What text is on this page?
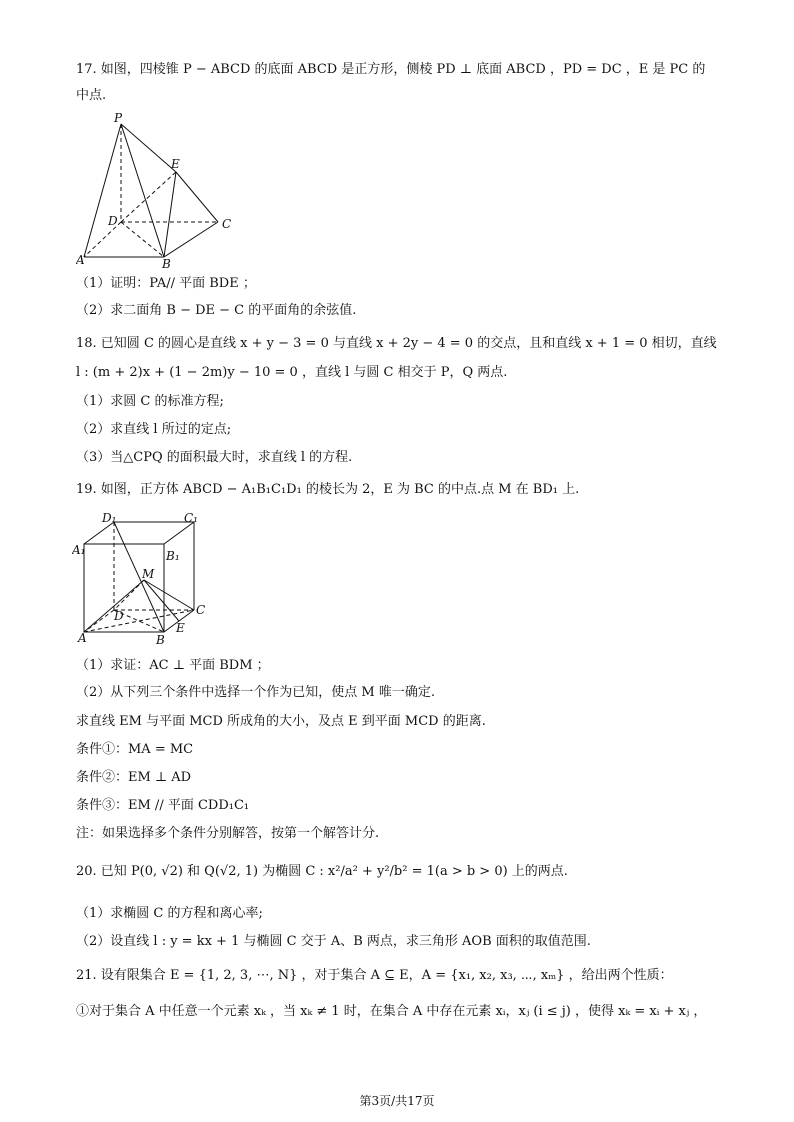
17. 如图，四棱锥 P − ABCD 的底面 ABCD 是正方形，侧棱 PD ⊥ 底面 ABCD ，PD = DC ，E 是 PC 的
中点.
P
E
D	C
A	B
（1）证明：PA// 平面 BDE ；
（2）求二面角 B − DE − C 的平面角的余弦值.
18. 已知圆 C 的圆心是直线 x + y − 3 = 0 与直线 x + 2y − 4 = 0 的交点，且和直线 x + 1 = 0 相切，直线
l : (m + 2)x + (1 − 2m)y − 10 = 0 ，直线 l 与圆 C 相交于 P，Q 两点.
（1）求圆 C 的标准方程;
（2）求直线 l 所过的定点;
（3）当△CPQ 的面积最大时，求直线 l 的方程.
19. 如图，正方体 ABCD − A₁B₁C₁D₁ 的棱长为 2，E 为 BC 的中点.点 M 在 BD₁ 上.
D₁	C₁
A₁	B₁
M
D	C
E
A	B
（1）求证：AC ⊥ 平面 BDM ；
（2）从下列三个条件中选择一个作为已知，使点 M 唯一确定.
求直线 EM 与平面 MCD 所成角的大小，及点 E 到平面 MCD 的距离.
条件①：MA = MC
条件②：EM ⊥ AD
条件③：EM // 平面 CDD₁C₁
注：如果选择多个条件分别解答，按第一个解答计分.
20. 已知 P(0, √2) 和 Q(√2, 1) 为椭圆 C : x²/a² + y²/b² = 1(a > b > 0) 上的两点.
（1）求椭圆 C 的方程和离心率;
（2）设直线 l : y = kx + 1 与椭圆 C 交于 A、B 两点，求三角形 AOB 面积的取值范围.
21. 设有限集合 E = {1, 2, 3, ⋯, N} ，对于集合 A ⊆ E，A = {x₁, x₂, x₃, ⋯, xₘ} ，给出两个性质：
①对于集合 A 中任意一个元素 xₖ ，当 xₖ ≠ 1 时，在集合 A 中存在元素 xᵢ，xⱼ (i ≤ j) ，使得 xₖ = xᵢ + xⱼ ，
第3页/共17页
